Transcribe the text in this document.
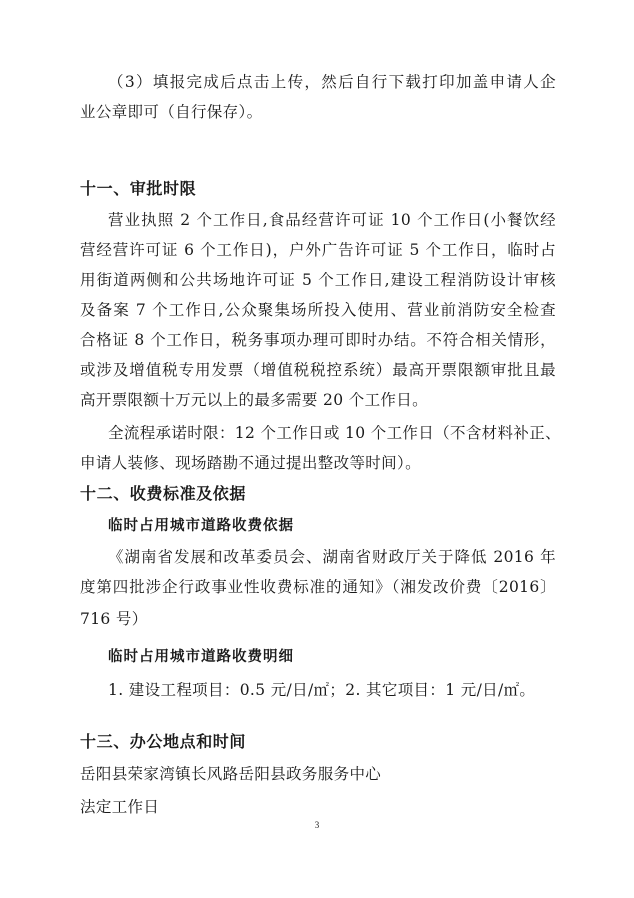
（3）填报完成后点击上传，然后自行下载打印加盖申请人企
业公章即可（自行保存）。
十一、审批时限
营业执照 2 个工作日,食品经营许可证 10 个工作日(小餐饮经
营经营许可证 6 个工作日)，户外广告许可证 5 个工作日，临时占
用街道两侧和公共场地许可证 5 个工作日,建设工程消防设计审核
及备案 7 个工作日,公众聚集场所投入使用、营业前消防安全检查
合格证 8 个工作日，税务事项办理可即时办结。不符合相关情形，
或涉及增值税专用发票（增值税税控系统）最高开票限额审批且最
高开票限额十万元以上的最多需要 20 个工作日。
全流程承诺时限：12 个工作日或 10 个工作日（不含材料补正、
申请人装修、现场踏勘不通过提出整改等时间）。
十二、收费标准及依据
临时占用城市道路收费依据
《湖南省发展和改革委员会、湖南省财政厅关于降低 2016 年
度第四批涉企行政事业性收费标准的通知》（湘发改价费〔2016〕
716 号）
临时占用城市道路收费明细
1. 建设工程项目：0.5 元/日/㎡；2. 其它项目：1 元/日/㎡。
十三、办公地点和时间
岳阳县荣家湾镇长风路岳阳县政务服务中心
法定工作日
3
